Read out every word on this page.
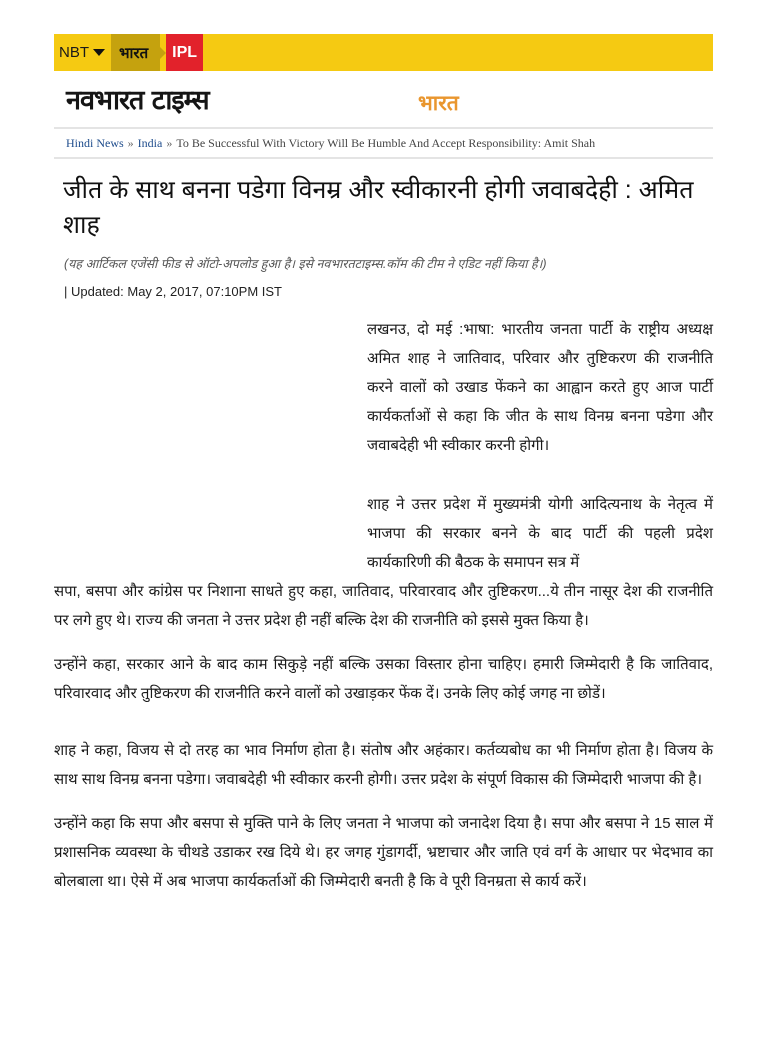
NBT भारत IPL
नवभारत टाइम्स	भारत
Hindi News » India » To Be Successful With Victory Will Be Humble And Accept Responsibility: Amit Shah
जीत के साथ बनना पडेगा विनम्र और स्वीकारनी होगी जवाबदेही : अमित शाह
(यह आर्टिकल एजेंसी फीड से ऑटो-अपलोड हुआ है। इसे नवभारतटाइम्स.कॉम की टीम ने एडिट नहीं किया है।)
| Updated: May 2, 2017, 07:10PM IST

लखनउ, दो मई :भाषा: भारतीय जनता पार्टी के राष्ट्रीय अध्यक्ष अमित शाह ने जातिवाद, परिवार और तुष्टिकरण की राजनीति करने वालों को उखाड फेंकने का आह्वान करते हुए आज पार्टी कार्यकर्ताओं से कहा कि जीत के साथ विनम्र बनना पडेगा और जवाबदेही भी स्वीकार करनी होगी।

शाह ने उत्तर प्रदेश में मुख्यमंत्री योगी आदित्यनाथ के नेतृत्व में भाजपा की सरकार बनने के बाद पार्टी की पहली प्रदेश कार्यकारिणी की बैठक के समापन सत्र में
सपा, बसपा और कांग्रेस पर निशाना साधते हुए कहा, जातिवाद, परिवारवाद और तुष्टिकरण...ये तीन नासूर देश की राजनीति पर लगे हुए थे। राज्य की जनता ने उत्तर प्रदेश ही नहीं बल्कि देश की राजनीति को इससे मुक्त किया है।

उन्होंने कहा, सरकार आने के बाद काम सिकुडे़ नहीं बल्कि उसका विस्तार होना चाहिए। हमारी जिम्मेदारी है कि जातिवाद, परिवारवाद और तुष्टिकरण की राजनीति करने वालों को उखाड़कर फेंक दें। उनके लिए कोई जगह ना छोडें।

शाह ने कहा, विजय से दो तरह का भाव निर्माण होता है। संतोष और अहंकार। कर्तव्यबोध का भी निर्माण होता है। विजय के साथ साथ विनम्र बनना पडेगा। जवाबदेही भी स्वीकार करनी होगी। उत्तर प्रदेश के संपूर्ण विकास की जिम्मेदारी भाजपा की है।

उन्होंने कहा कि सपा और बसपा से मुक्ति पाने के लिए जनता ने भाजपा को जनादेश दिया है। सपा और बसपा ने 15 साल में प्रशासनिक व्यवस्था के चीथडे उडाकर रख दिये थे। हर जगह गुंडागर्दी, भ्रष्टाचार और जाति एवं वर्ग के आधार पर भेदभाव का बोलबाला था। ऐसे में अब भाजपा कार्यकर्ताओं की जिम्मेदारी बनती है कि वे पूरी विनम्रता से कार्य करें।
